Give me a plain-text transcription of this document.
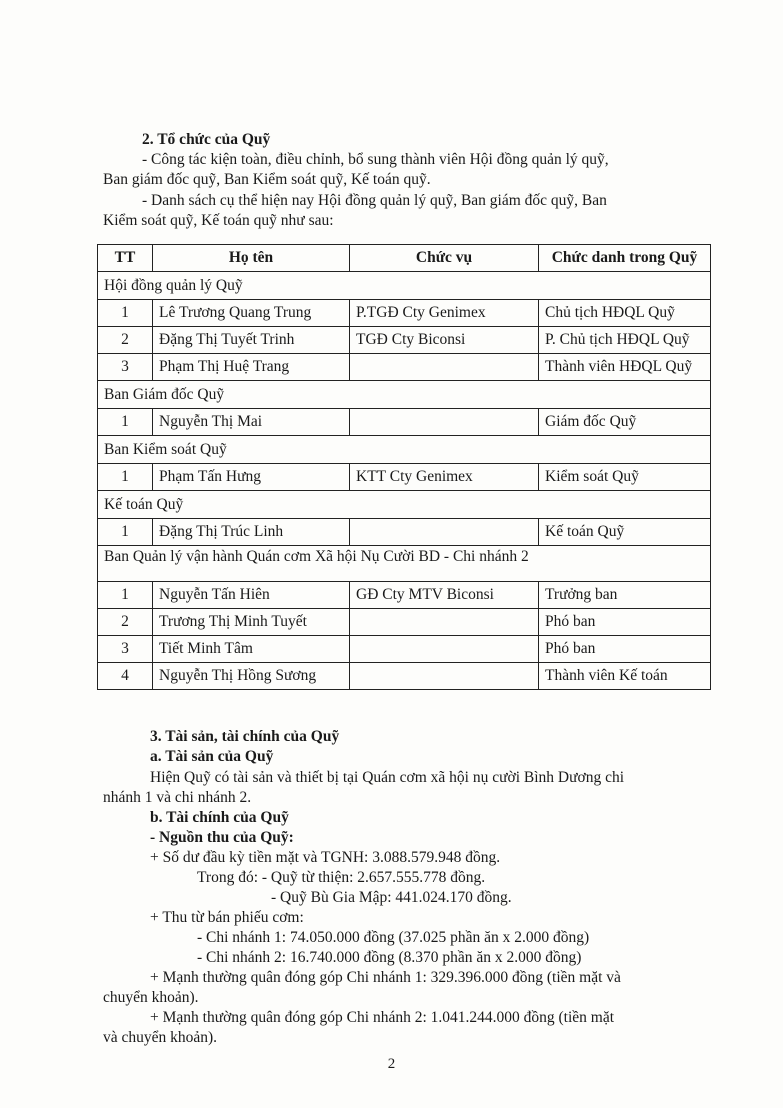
2. Tổ chức của Quỹ
- Công tác kiện toàn, điều chỉnh, bổ sung thành viên Hội đồng quản lý quỹ,
Ban giám đốc quỹ, Ban Kiểm soát quỹ, Kế toán quỹ.
- Danh sách cụ thể hiện nay Hội đồng quản lý quỹ, Ban giám đốc quỹ, Ban
Kiểm soát quỹ, Kế toán quỹ như sau:
TT	Họ tên	Chức vụ	Chức danh trong Quỹ
Hội đồng quản lý Quỹ			
1	Lê Trương Quang Trung	P.TGĐ Cty Genimex	Chủ tịch HĐQL Quỹ
2	Đặng Thị Tuyết Trinh	TGĐ Cty Biconsi	P. Chủ tịch HĐQL Quỹ
3	Phạm Thị Huệ Trang		Thành viên HĐQL Quỹ
Ban Giám đốc Quỹ			
1	Nguyễn Thị Mai		Giám đốc Quỹ
Ban Kiểm soát Quỹ			
1	Phạm Tấn Hưng	KTT Cty Genimex	Kiểm soát Quỹ
Kế toán Quỹ			
1	Đặng Thị Trúc Linh		Kế toán Quỹ
Ban Quản lý vận hành Quán cơm Xã hội Nụ Cười BD - Chi nhánh 2			
1	Nguyễn Tấn Hiên	GĐ Cty MTV Biconsi	Trưởng ban
2	Trương Thị Minh Tuyết		Phó ban
3	Tiết Minh Tâm		Phó ban
4	Nguyễn Thị Hồng Sương		Thành viên Kế toán
3. Tài sản, tài chính của Quỹ
a. Tài sản của Quỹ
Hiện Quỹ có tài sản và thiết bị tại Quán cơm xã hội nụ cười Bình Dương chi
nhánh 1 và chi nhánh 2.
b. Tài chính của Quỹ
- Nguồn thu của Quỹ:
+ Số dư đầu kỳ tiền mặt và TGNH: 3.088.579.948 đồng.
Trong đó: - Quỹ từ thiện: 2.657.555.778 đồng.
- Quỹ Bù Gia Mập: 441.024.170 đồng.
+ Thu từ bán phiếu cơm:
- Chi nhánh 1: 74.050.000 đồng (37.025 phần ăn x 2.000 đồng)
- Chi nhánh 2: 16.740.000 đồng (8.370 phần ăn x 2.000 đồng)
+ Mạnh thường quân đóng góp Chi nhánh 1: 329.396.000 đồng (tiền mặt và
chuyển khoản).
+ Mạnh thường quân đóng góp Chi nhánh 2: 1.041.244.000 đồng (tiền mặt
và chuyển khoản).
2
